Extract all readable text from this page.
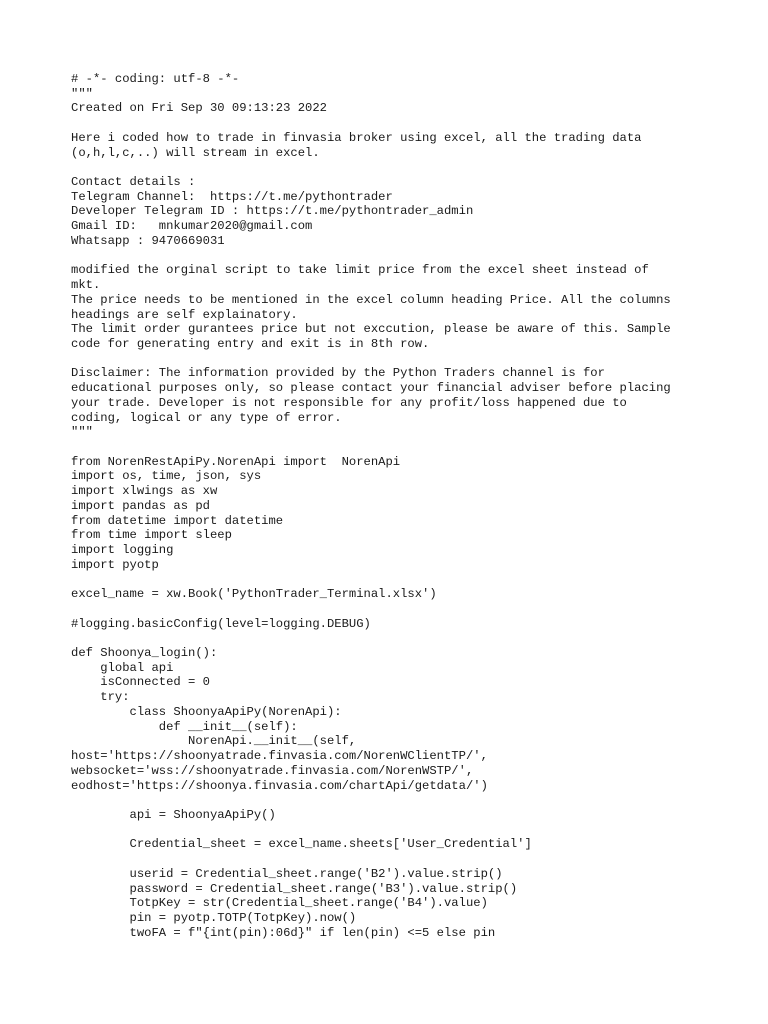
# -*- coding: utf-8 -*-
"""
Created on Fri Sep 30 09:13:23 2022
Here i coded how to trade in finvasia broker using excel, all the trading data
(o,h,l,c,..) will stream in excel.
Contact details :
Telegram Channel:  https://t.me/pythontrader
Developer Telegram ID : https://t.me/pythontrader_admin
Gmail ID:   mnkumar2020@gmail.com
Whatsapp : 9470669031
modified the orginal script to take limit price from the excel sheet instead of
mkt.
The price needs to be mentioned in the excel column heading Price. All the columns
headings are self explainatory.
The limit order gurantees price but not exccution, please be aware of this. Sample
code for generating entry and exit is in 8th row.
Disclaimer: The information provided by the Python Traders channel is for
educational purposes only, so please contact your financial adviser before placing
your trade. Developer is not responsible for any profit/loss happened due to
coding, logical or any type of error.
"""
from NorenRestApiPy.NorenApi import  NorenApi
import os, time, json, sys
import xlwings as xw
import pandas as pd
from datetime import datetime
from time import sleep
import logging
import pyotp
excel_name = xw.Book('PythonTrader_Terminal.xlsx')
#logging.basicConfig(level=logging.DEBUG)
def Shoonya_login():
global api
isConnected = 0
try:
class ShoonyaApiPy(NorenApi):
def __init__(self):
NorenApi.__init__(self,
host='https://shoonyatrade.finvasia.com/NorenWClientTP/',
websocket='wss://shoonyatrade.finvasia.com/NorenWSTP/',
eodhost='https://shoonya.finvasia.com/chartApi/getdata/')
api = ShoonyaApiPy()
Credential_sheet = excel_name.sheets['User_Credential']
userid = Credential_sheet.range('B2').value.strip()
password = Credential_sheet.range('B3').value.strip()
TotpKey = str(Credential_sheet.range('B4').value)
pin = pyotp.TOTP(TotpKey).now()
twoFA = f"{int(pin):06d}" if len(pin) <=5 else pin
